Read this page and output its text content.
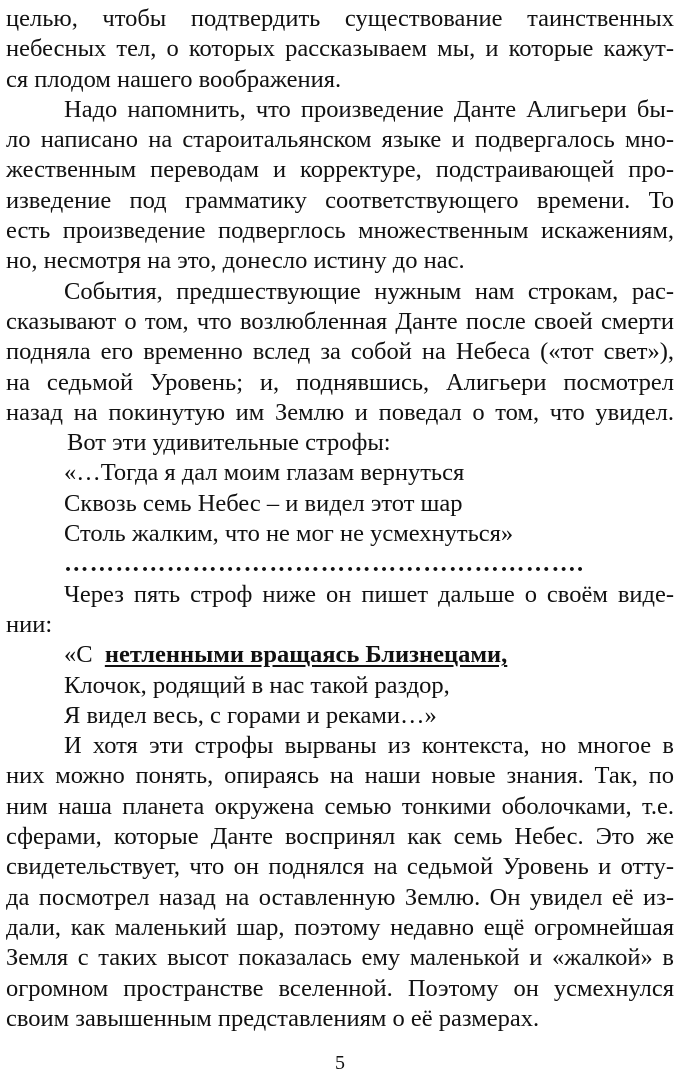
целью, чтобы подтвердить существование таинственных
небесных тел, о которых рассказываем мы, и которые кажут-
ся плодом нашего воображения.
Надо напомнить, что произведение Данте Алигьери бы-
ло написано на староитальянском языке и подвергалось мно-
жественным переводам и корректуре, подстраивающей про-
изведение под грамматику соответствующего времени. То
есть произведение подверглось множественным искажениям,
но, несмотря на это, донесло истину до нас.
События, предшествующие нужным нам строкам, рас-
сказывают о том, что возлюбленная Данте после своей смерти
подняла его временно вслед за собой на Небеса («тот свет»),
на седьмой Уровень; и, поднявшись, Алигьери посмотрел
назад на покинутую им Землю и поведал о том, что увидел.
Вот эти удивительные строфы:
«…Тогда я дал моим глазам вернуться
Сквозь семь Небес – и видел этот шар
Столь жалким, что не мог не усмехнуться»
…………………………………………………….
Через пять строф ниже он пишет дальше о своём виде-
нии:
«С нетленными вращаясь Близнецами,
Клочок, родящий в нас такой раздор,
Я видел весь, с горами и реками…»
И хотя эти строфы вырваны из контекста, но многое в
них можно понять, опираясь на наши новые знания. Так, по
ним наша планета окружена семью тонкими оболочками, т.е.
сферами, которые Данте воспринял как семь Небес. Это же
свидетельствует, что он поднялся на седьмой Уровень и отту-
да посмотрел назад на оставленную Землю. Он увидел её из-
дали, как маленький шар, поэтому недавно ещё огромнейшая
Земля с таких высот показалась ему маленькой и «жалкой» в
огромном пространстве вселенной. Поэтому он усмехнулся
своим завышенным представлениям о её размерах.
5
